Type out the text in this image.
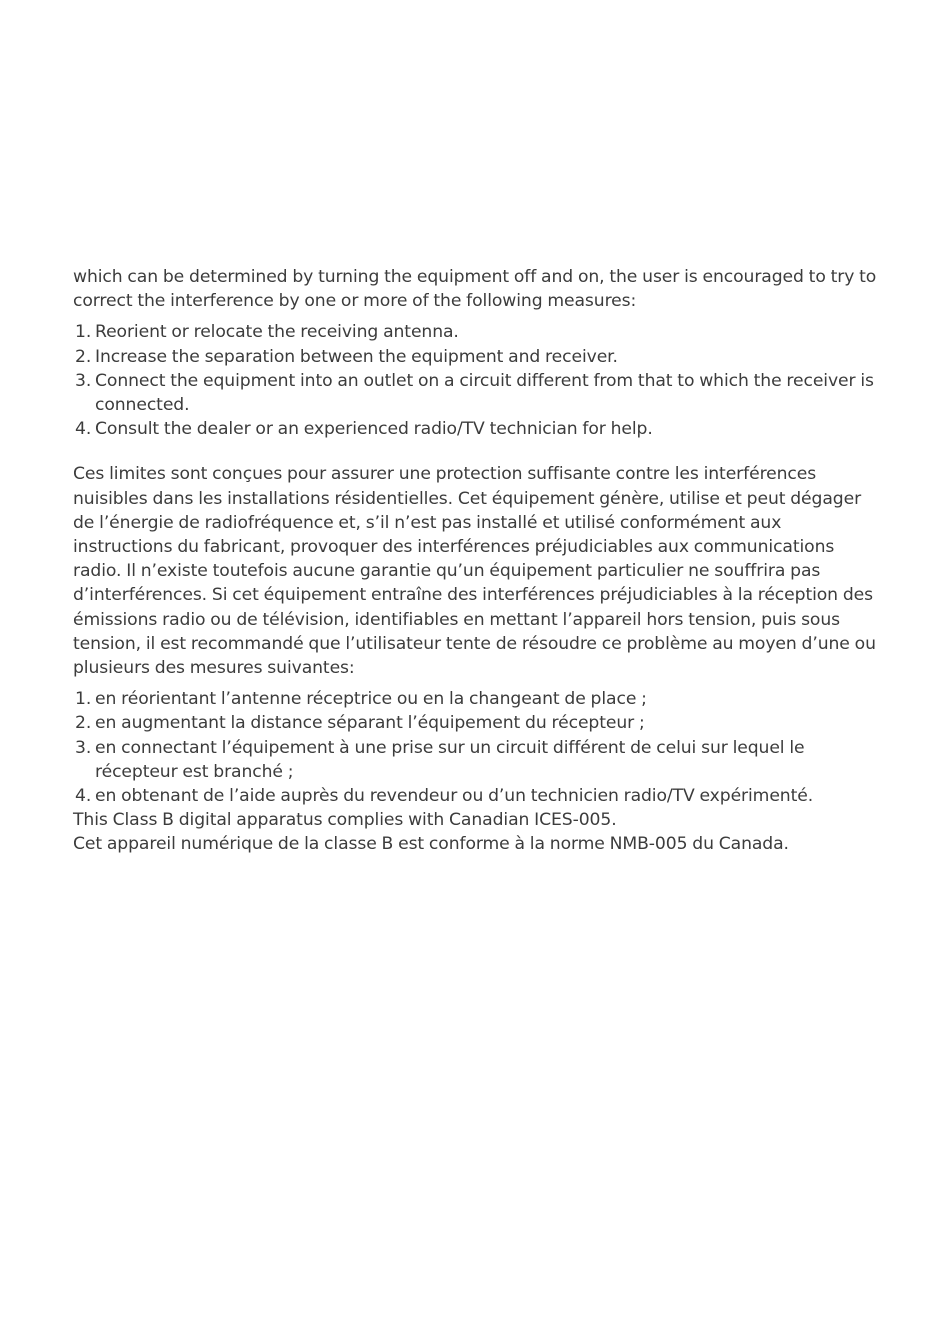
which can be determined by turning the equipment off and on, the user is encouraged to try to correct the interference by one or more of the following measures:

1. Reorient or relocate the receiving antenna.
2. Increase the separation between the equipment and receiver.
3. Connect the equipment into an outlet on a circuit different from that to which the receiver is connected.
4. Consult the dealer or an experienced radio/TV technician for help.

Ces limites sont conçues pour assurer une protection suffisante contre les interférences nuisibles dans les installations résidentielles. Cet équipement génère, utilise et peut dégager de l’énergie de radiofréquence et, s’il n’est pas installé et utilisé conformément aux instructions du fabricant, provoquer des interférences préjudiciables aux communications radio. Il n’existe toutefois aucune garantie qu’un équipement particulier ne souffrira pas d’interférences. Si cet équipement entraîne des interférences préjudiciables à la réception des émissions radio ou de télévision, identifiables en mettant l’appareil hors tension, puis sous tension, il est recommandé que l’utilisateur tente de résoudre ce problème au moyen d’une ou plusieurs des mesures suivantes:

1. en réorientant l’antenne réceptrice ou en la changeant de place ;
2. en augmentant la distance séparant l’équipement du récepteur ;
3. en connectant l’équipement à une prise sur un circuit différent de celui sur lequel le récepteur est branché ;
4. en obtenant de l’aide auprès du revendeur ou d’un technicien radio/TV expérimenté.

This Class B digital apparatus complies with Canadian ICES-005.

Cet appareil numérique de la classe B est conforme à la norme NMB-005 du Canada.
